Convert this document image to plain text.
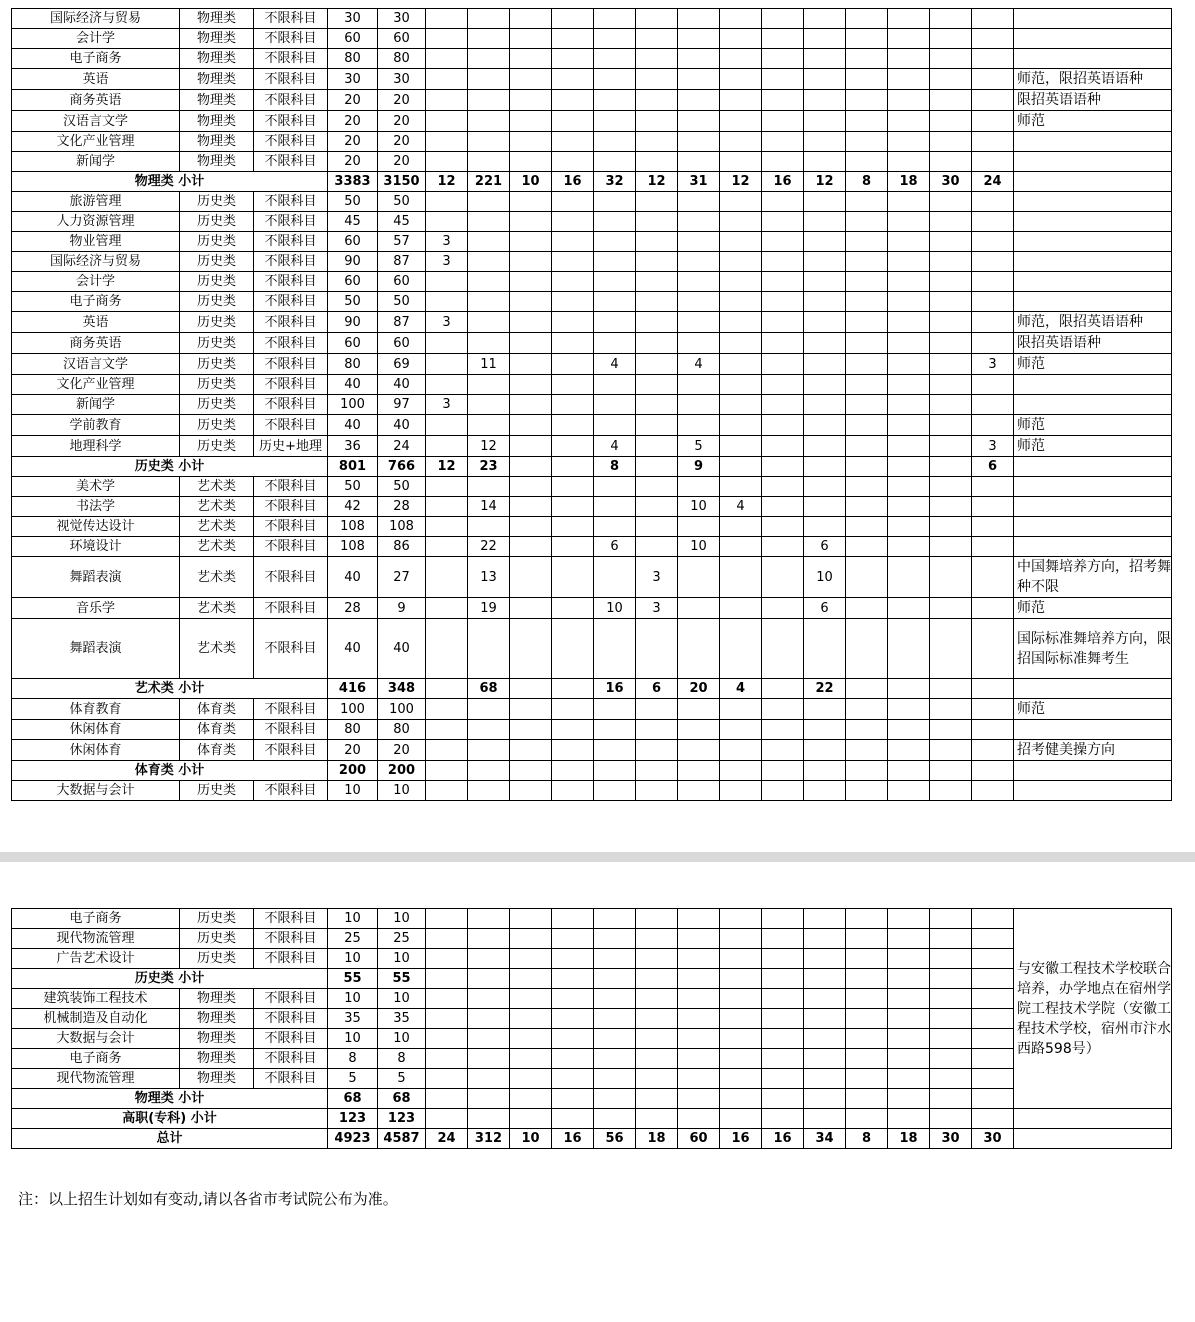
国际经济与贸易	物理类	不限科目	30	30															
会计学	物理类	不限科目	60	60															
电子商务	物理类	不限科目	80	80															
英语	物理类	不限科目	30	30															师范，限招英语语种
商务英语	物理类	不限科目	20	20															限招英语语种
汉语言文学	物理类	不限科目	20	20															师范
文化产业管理	物理类	不限科目	20	20															
新闻学	物理类	不限科目	20	20															
物理类 小计			3383	3150	12	221	10	16	32	12	31	12	16	12	8	18	30	24	
旅游管理	历史类	不限科目	50	50															
人力资源管理	历史类	不限科目	45	45															
物业管理	历史类	不限科目	60	57	3														
国际经济与贸易	历史类	不限科目	90	87	3														
会计学	历史类	不限科目	60	60															
电子商务	历史类	不限科目	50	50															
英语	历史类	不限科目	90	87	3														师范，限招英语语种
商务英语	历史类	不限科目	60	60															限招英语语种
汉语言文学	历史类	不限科目	80	69		11			4		4							3	师范
文化产业管理	历史类	不限科目	40	40															
新闻学	历史类	不限科目	100	97	3														
学前教育	历史类	不限科目	40	40															师范
地理科学	历史类	历史+地理	36	24		12			4		5							3	师范
历史类 小计			801	766	12	23			8		9							6	
美术学	艺术类	不限科目	50	50															
书法学	艺术类	不限科目	42	28		14					10	4							
视觉传达设计	艺术类	不限科目	108	108															
环境设计	艺术类	不限科目	108	86		22			6		10			6					
舞蹈表演	艺术类	不限科目	40	27		13				3				10					中国舞培养方向，招考舞种不限
音乐学	艺术类	不限科目	28	9		19			10	3				6					师范
舞蹈表演	艺术类	不限科目	40	40															国际标准舞培养方向，限招国际标准舞考生
艺术类 小计			416	348		68			16	6	20	4		22					
体育教育	体育类	不限科目	100	100															师范
休闲体育	体育类	不限科目	80	80															
休闲体育	体育类	不限科目	20	20															招考健美操方向
体育类 小计			200	200															
大数据与会计	历史类	不限科目	10	10															
电子商务	历史类	不限科目	10	10															与安徽工程技术学校联合培养，办学地点在宿州学院工程技术学院（安徽工程技术学校，宿州市汴水西路598号）
现代物流管理	历史类	不限科目	25	25															
广告艺术设计	历史类	不限科目	10	10															
历史类 小计			55	55															
建筑装饰工程技术	物理类	不限科目	10	10															
机械制造及自动化	物理类	不限科目	35	35															
大数据与会计	物理类	不限科目	10	10															
电子商务	物理类	不限科目	8	8															
现代物流管理	物理类	不限科目	5	5															
物理类 小计			68	68															
高职(专科) 小计			123	123															
总计			4923	4587	24	312	10	16	56	18	60	16	16	34	8	18	30	30	
注：以上招生计划如有变动,请以各省市考试院公布为准。
